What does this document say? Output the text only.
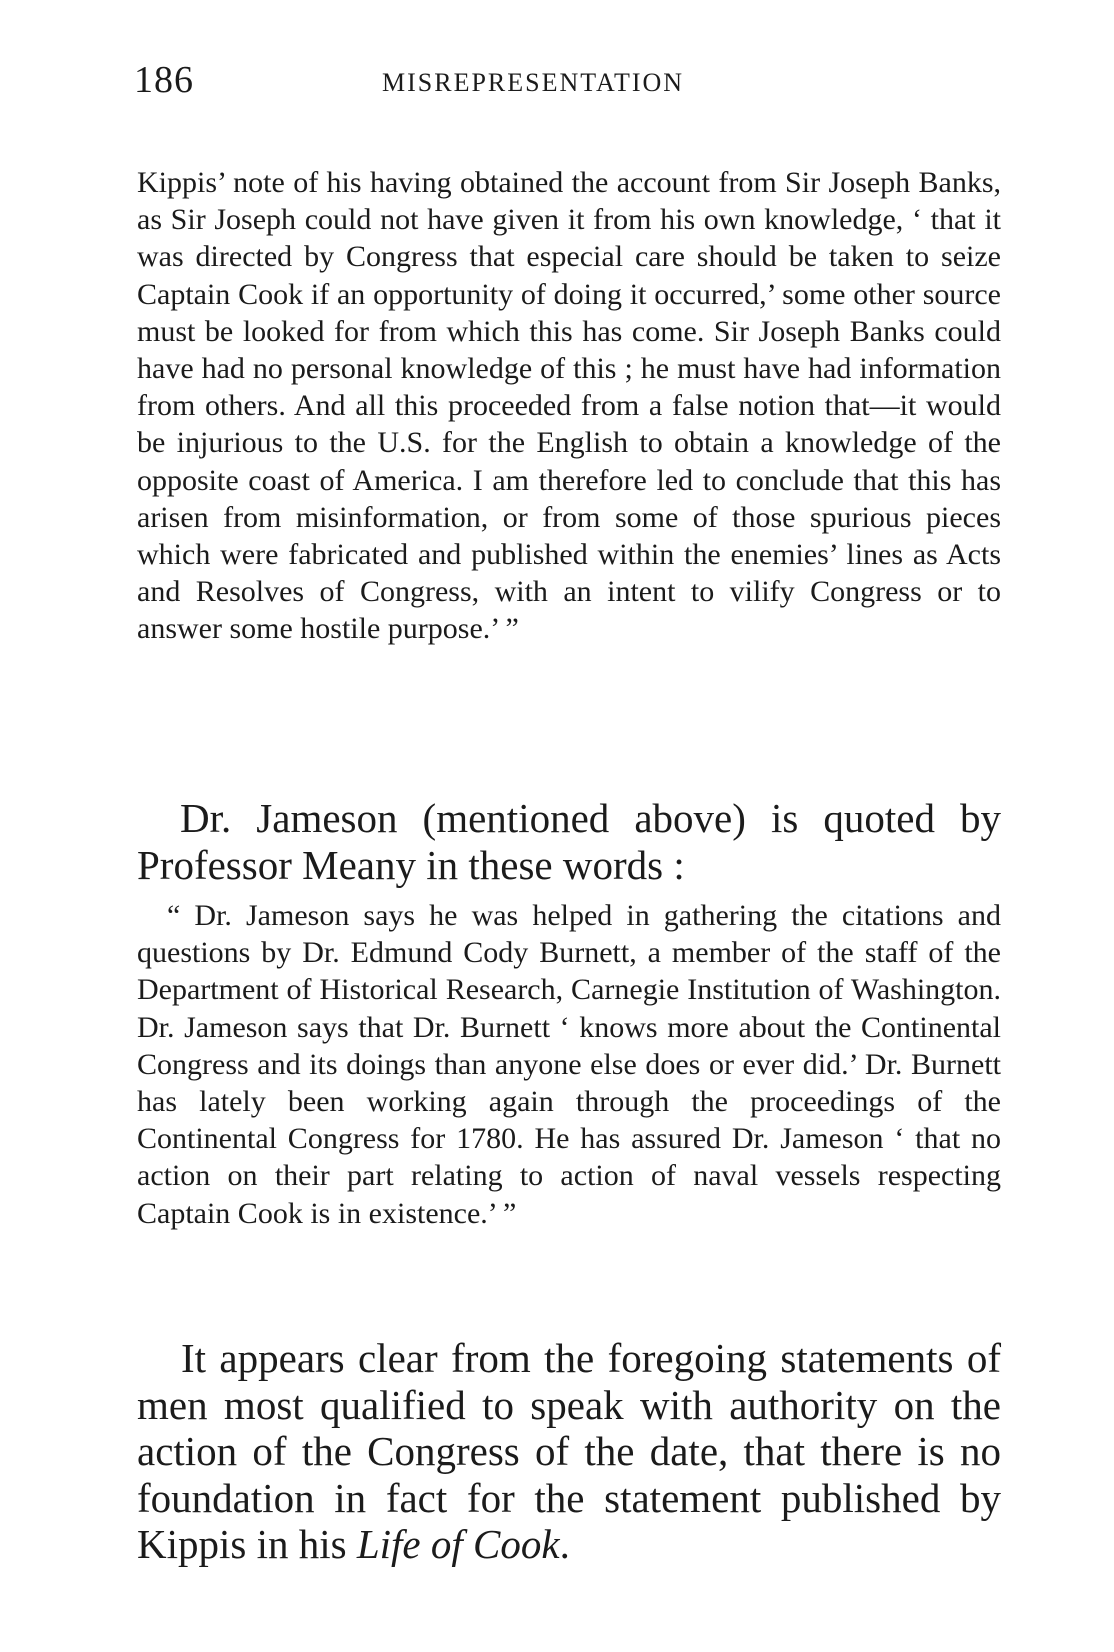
186	MISREPRESENTATION

Kippis’ note of his having obtained the account from Sir Joseph Banks, as Sir Joseph could not have given it from his own knowledge, ‘ that it was directed by Congress that especial care should be taken to seize Captain Cook if an opportunity of doing it occurred,’ some other source must be looked for from which this has come. Sir Joseph Banks could have had no personal knowledge of this ; he must have had information from others. And all this proceeded from a false notion that—it would be injurious to the U.S. for the English to obtain a knowledge of the opposite coast of America. I am therefore led to conclude that this has arisen from misinformation, or from some of those spurious pieces which were fabricated and published within the enemies’ lines as Acts and Resolves of Congress, with an intent to vilify Congress or to answer some hostile purpose.’ ”

Dr. Jameson (mentioned above) is quoted by Professor Meany in these words :

“ Dr. Jameson says he was helped in gathering the citations and questions by Dr. Edmund Cody Burnett, a member of the staff of the Department of Historical Research, Carnegie Institution of Washington. Dr. Jameson says that Dr. Burnett ‘ knows more about the Continental Congress and its doings than anyone else does or ever did.’ Dr. Burnett has lately been working again through the proceedings of the Continental Congress for 1780. He has assured Dr. Jameson ‘ that no action on their part relating to action of naval vessels respecting Captain Cook is in existence.’ ”

It appears clear from the foregoing statements of men most qualified to speak with authority on the action of the Congress of the date, that there is no foundation in fact for the statement published by Kippis in his Life of Cook.
